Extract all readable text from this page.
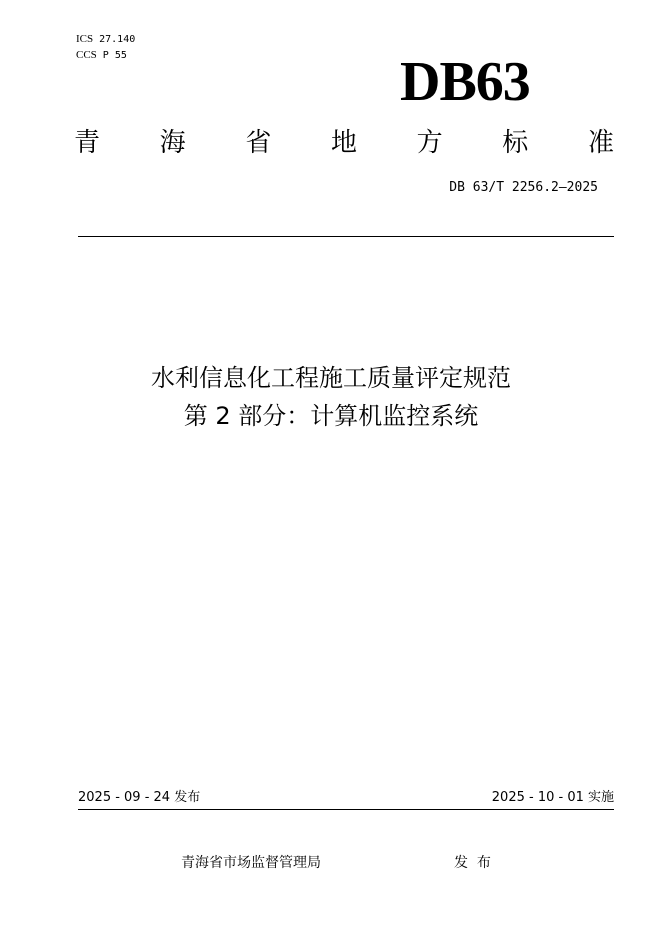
ICS 27.140
CCS P 55	DB63
青 海 省 地 方 标 准
DB 63/T 2256.2—2025
水利信息化工程施工质量评定规范
第 2 部分：计算机监控系统
2025 - 09 - 24 发布	2025 - 10 - 01 实施
青海省市场监督管理局	发  布
